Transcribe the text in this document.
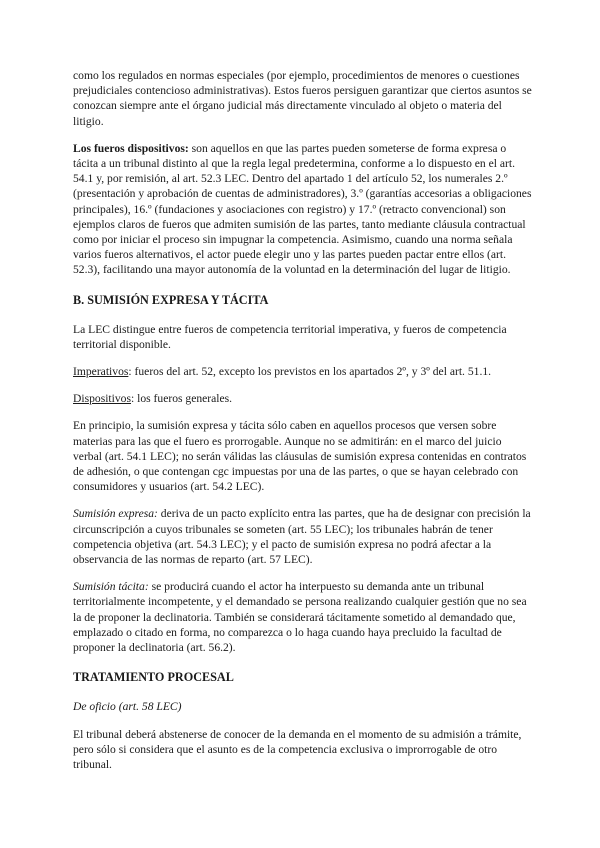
como los regulados en normas especiales (por ejemplo, procedimientos de menores o cuestiones prejudiciales contencioso administrativas). Estos fueros persiguen garantizar que ciertos asuntos se conozcan siempre ante el órgano judicial más directamente vinculado al objeto o materia del litigio.

Los fueros dispositivos: son aquellos en que las partes pueden someterse de forma expresa o tácita a un tribunal distinto al que la regla legal predetermina, conforme a lo dispuesto en el art. 54.1 y, por remisión, al art. 52.3 LEC. Dentro del apartado 1 del artículo 52, los numerales 2.º (presentación y aprobación de cuentas de administradores), 3.º (garantías accesorias a obligaciones principales), 16.º (fundaciones y asociaciones con registro) y 17.º (retracto convencional) son ejemplos claros de fueros que admiten sumisión de las partes, tanto mediante cláusula contractual como por iniciar el proceso sin impugnar la competencia. Asimismo, cuando una norma señala varios fueros alternativos, el actor puede elegir uno y las partes pueden pactar entre ellos (art. 52.3), facilitando una mayor autonomía de la voluntad en la determinación del lugar de litigio.

B. SUMISIÓN EXPRESA Y TÁCITA

La LEC distingue entre fueros de competencia territorial imperativa, y fueros de competencia territorial disponible.

Imperativos: fueros del art. 52, excepto los previstos en los apartados 2º, y 3º del art. 51.1.

Dispositivos: los fueros generales.

En principio, la sumisión expresa y tácita sólo caben en aquellos procesos que versen sobre materias para las que el fuero es prorrogable. Aunque no se admitirán: en el marco del juicio verbal (art. 54.1 LEC); no serán válidas las cláusulas de sumisión expresa contenidas en contratos de adhesión, o que contengan cgc impuestas por una de las partes, o que se hayan celebrado con consumidores y usuarios (art. 54.2 LEC).

Sumisión expresa: deriva de un pacto explícito entra las partes, que ha de designar con precisión la circunscripción a cuyos tribunales se someten (art. 55 LEC); los tribunales habrán de tener competencia objetiva (art. 54.3 LEC); y el pacto de sumisión expresa no podrá afectar a la observancia de las normas de reparto (art. 57 LEC).

Sumisión tácita: se producirá cuando el actor ha interpuesto su demanda ante un tribunal territorialmente incompetente, y el demandado se persona realizando cualquier gestión que no sea la de proponer la declinatoria. También se considerará tácitamente sometido al demandado que, emplazado o citado en forma, no comparezca o lo haga cuando haya precluido la facultad de proponer la declinatoria (art. 56.2).

TRATAMIENTO PROCESAL

De oficio (art. 58 LEC)

El tribunal deberá abstenerse de conocer de la demanda en el momento de su admisión a trámite, pero sólo si considera que el asunto es de la competencia exclusiva o improrrogable de otro tribunal.
